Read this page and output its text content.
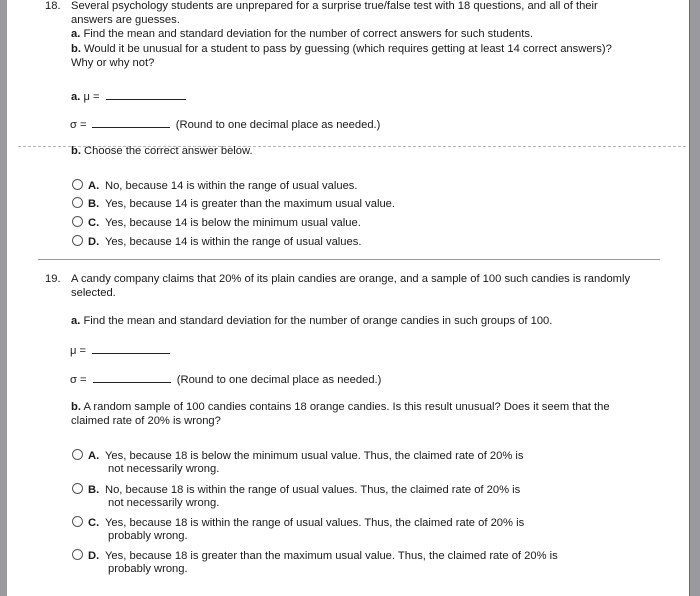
18. Several psychology students are unprepared for a surprise true/false test with 18 questions, and all of their
answers are guesses.
a. Find the mean and standard deviation for the number of correct answers for such students.
b. Would it be unusual for a student to pass by guessing (which requires getting at least 14 correct answers)?
Why or why not?
a. μ =
σ =	(Round to one decimal place as needed.)
b. Choose the correct answer below.
A. No, because 14 is within the range of usual values.
B. Yes, because 14 is greater than the maximum usual value.
C. Yes, because 14 is below the minimum usual value.
D. Yes, because 14 is within the range of usual values.
19. A candy company claims that 20% of its plain candies are orange, and a sample of 100 such candies is randomly
selected.
a. Find the mean and standard deviation for the number of orange candies in such groups of 100.
μ =
σ =	(Round to one decimal place as needed.)
b. A random sample of 100 candies contains 18 orange candies. Is this result unusual? Does it seem that the
claimed rate of 20% is wrong?
A. Yes, because 18 is below the minimum usual value. Thus, the claimed rate of 20% is
not necessarily wrong.
B. No, because 18 is within the range of usual values. Thus, the claimed rate of 20% is
not necessarily wrong.
C. Yes, because 18 is within the range of usual values. Thus, the claimed rate of 20% is
probably wrong.
D. Yes, because 18 is greater than the maximum usual value. Thus, the claimed rate of 20% is
probably wrong.
